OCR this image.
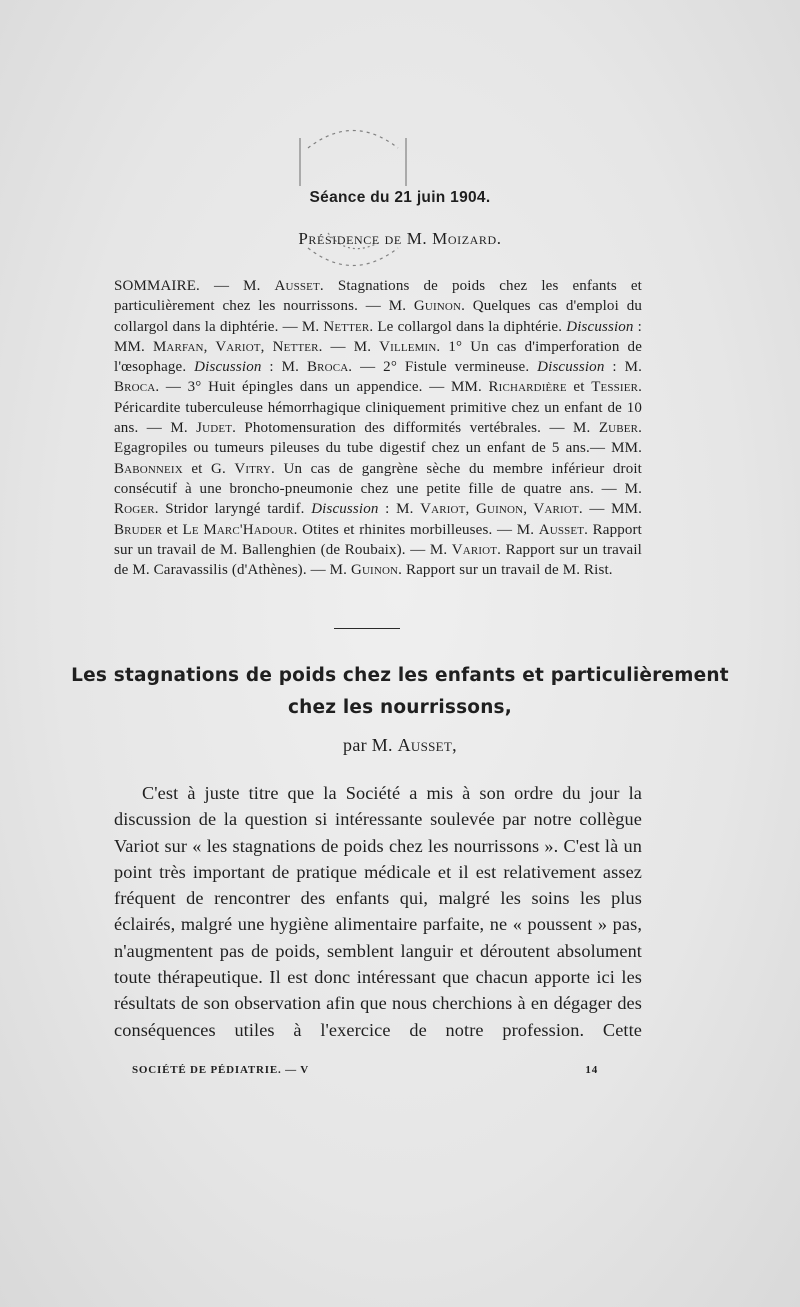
Séance du 21 juin 1904.
Présidence de M. Moizard.
SOMMAIRE. — M. Ausset. Stagnations de poids chez les enfants et particulièrement chez les nourrissons. — M. Guinon. Quelques cas d'emploi du collargol dans la diphtérie. — M. Netter. Le collargol dans la diphtérie. Discussion : MM. Marfan, Variot, Netter. — M. Villemin. 1° Un cas d'imperforation de l'œsophage. Discussion : M. Broca. — 2° Fistule vermineuse. Discussion : M. Broca. — 3° Huit épingles dans un appendice. — MM. Richardière et Tessier. Péricardite tuberculeuse hémorrhagique cliniquement primitive chez un enfant de 10 ans. — M. Judet. Photomensuration des difformités vertébrales. — M. Zuber. Egagropiles ou tumeurs pileuses du tube digestif chez un enfant de 5 ans.— MM. Babonneix et G. Vitry. Un cas de gangrène sèche du membre inférieur droit consécutif à une broncho-pneumonie chez une petite fille de quatre ans. — M. Roger. Stridor laryngé tardif. Discussion : M. Variot, Guinon, Variot. — MM. Bruder et Le Marc'Hadour. Otites et rhinites morbilleuses. — M. Ausset. Rapport sur un travail de M. Ballenghien (de Roubaix). — M. Variot. Rapport sur un travail de M. Caravassilis (d'Athènes). — M. Guinon. Rapport sur un travail de M. Rist.
Les stagnations de poids chez les enfants et particulièrement
chez les nourrissons,
par M. Ausset,

C'est à juste titre que la Société a mis à son ordre du jour la discussion de la question si intéressante soulevée par notre collègue Variot sur « les stagnations de poids chez les nourrissons ». C'est là un point très important de pratique médicale et il est relativement assez fréquent de rencontrer des enfants qui, malgré les soins les plus éclairés, malgré une hygiène alimentaire parfaite, ne « poussent » pas, n'augmentent pas de poids, semblent languir et déroutent absolument toute thérapeutique. Il est donc intéressant que chacun apporte ici les résultats de son observation afin que nous cherchions à en dégager des conséquences utiles à l'exercice de notre profession. Cette

SOCIÉTÉ DE PÉDIATRIE. — V	14
